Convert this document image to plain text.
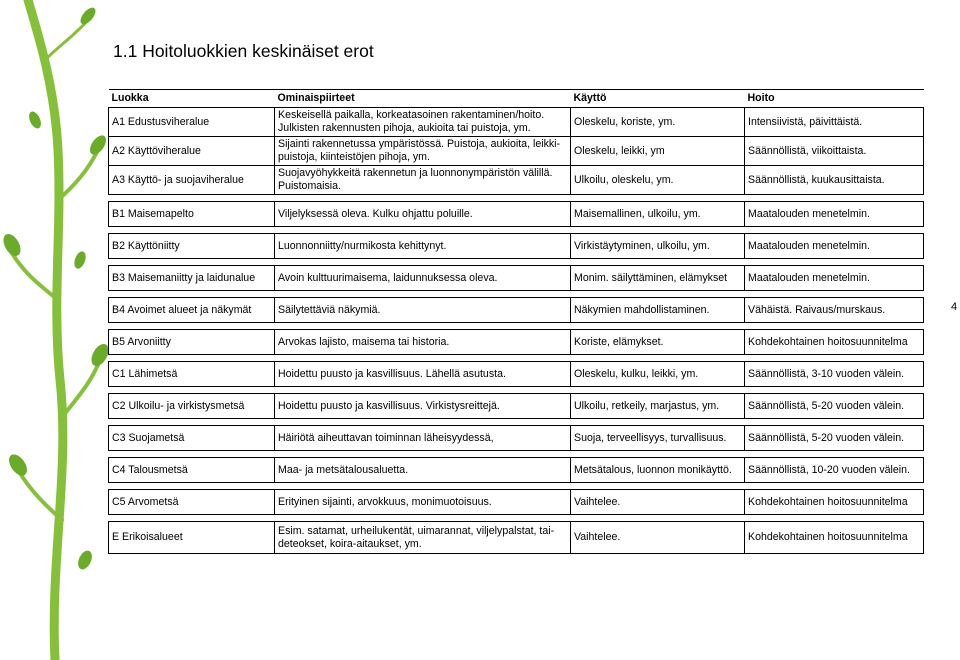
1.1 Hoitoluokkien keskinäiset erot
Luokka	Ominaispiirteet	Käyttö	Hoito
A1 Edustusviheralue	Keskeisellä paikalla, korkeatasoinen rakentaminen/hoito. Julkisten rakennusten pihoja, aukioita tai puistoja, ym.	Oleskelu, koriste, ym.	Intensiivistä, päivittäistä.
A2 Käyttöviheralue	Sijainti rakennetussa ympäristössä. Puistoja, aukioita, leikki-puistoja, kiinteistöjen pihoja, ym.	Oleskelu, leikki, ym	Säännöllistä, viikoittaista.
A3 Käyttö- ja suojaviheralue	Suojavyöhykkeitä rakennetun ja luonnonympäristön välillä. Puistomaisia.	Ulkoilu, oleskelu, ym.	Säännöllistä, kuukausittaista.

B1 Maisemapelto	Viljelyksessä oleva. Kulku ohjattu poluille.	Maisemallinen, ulkoilu, ym.	Maatalouden menetelmin.

B2 Käyttöniitty	Luonnonniitty/nurmikosta kehittynyt.	Virkistäytyminen, ulkoilu, ym.	Maatalouden menetelmin.

B3 Maisemaniitty ja laidunalue	Avoin kulttuurimaisema, laidunnuksessa oleva.	Monim. säilyttäminen, elämykset	Maatalouden menetelmin.

B4 Avoimet alueet ja näkymät	Säilytettäviä näkymiä.	Näkymien mahdollistaminen.	Vähäistä. Raivaus/murskaus.

B5 Arvoniitty	Arvokas lajisto, maisema tai historia.	Koriste, elämykset.	Kohdekohtainen hoitosuunnitelma

C1 Lähimetsä	Hoidettu puusto ja kasvillisuus. Lähellä asutusta.	Oleskelu, kulku, leikki, ym.	Säännöllistä, 3-10 vuoden välein.

C2 Ulkoilu- ja virkistysmetsä	Hoidettu puusto ja kasvillisuus. Virkistysreittejä.	Ulkoilu, retkeily, marjastus, ym.	Säännöllistä, 5-20 vuoden välein.

C3 Suojametsä	Häiriötä aiheuttavan toiminnan läheisyydessä,	Suoja, terveellisyys, turvallisuus.	Säännöllistä, 5-20 vuoden välein.

C4 Talousmetsä	Maa- ja metsätalousaluetta.	Metsätalous, luonnon monikäyttö.	Säännöllistä, 10-20 vuoden välein.

C5 Arvometsä	Erityinen sijainti, arvokkuus, monimuotoisuus.	Vaihtelee.	Kohdekohtainen hoitosuunnitelma

E Erikoisalueet	Esim. satamat, urheilukentät, uimarannat, viljelypalstat, tai-deteokset, koira-aitaukset, ym.	Vaihtelee.	Kohdekohtainen hoitosuunnitelma
4
